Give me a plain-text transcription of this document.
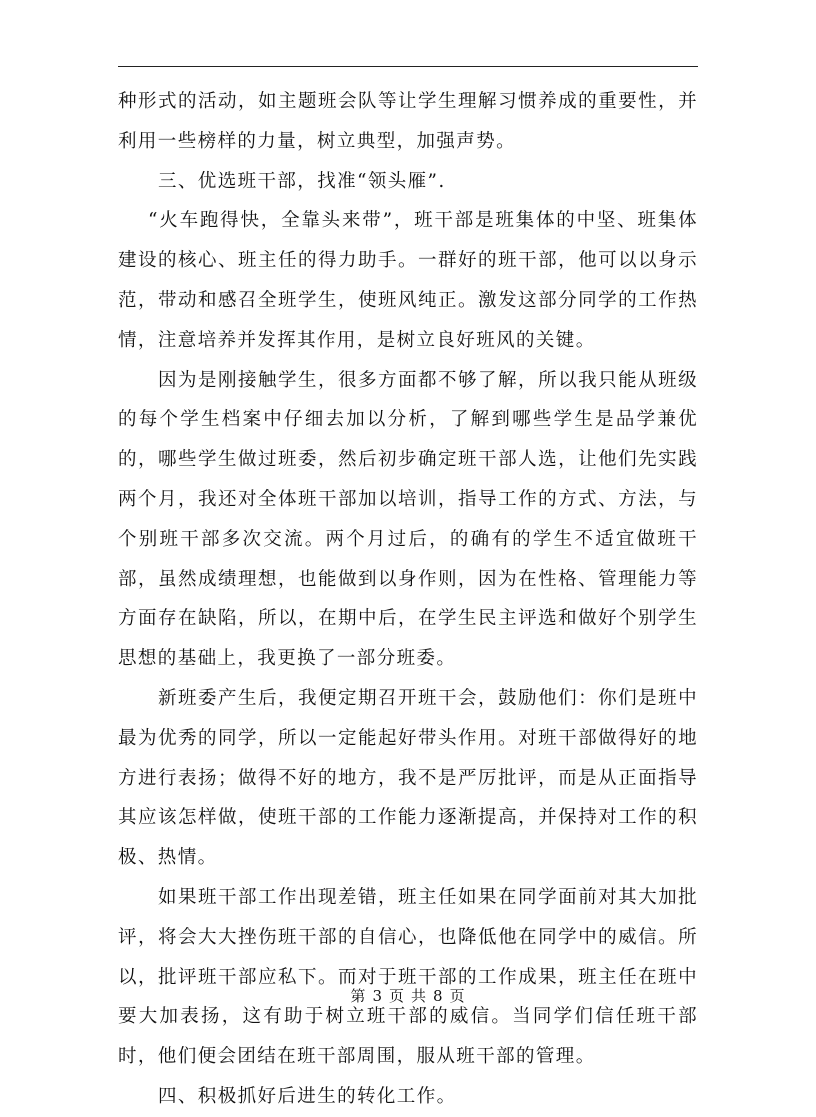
种形式的活动，如主题班会队等让学生理解习惯养成的重要性，并利用一些榜样的力量，树立典型，加强声势。

三、优选班干部，找准“领头雁”.

“火车跑得快，全靠头来带”，班干部是班集体的中坚、班集体建设的核心、班主任的得力助手。一群好的班干部，他可以以身示范，带动和感召全班学生，使班风纯正。激发这部分同学的工作热情，注意培养并发挥其作用，是树立良好班风的关键。

因为是刚接触学生，很多方面都不够了解，所以我只能从班级的每个学生档案中仔细去加以分析，了解到哪些学生是品学兼优的，哪些学生做过班委，然后初步确定班干部人选，让他们先实践两个月，我还对全体班干部加以培训，指导工作的方式、方法，与个别班干部多次交流。两个月过后，的确有的学生不适宜做班干部，虽然成绩理想，也能做到以身作则，因为在性格、管理能力等方面存在缺陷，所以，在期中后，在学生民主评选和做好个别学生思想的基础上，我更换了一部分班委。

新班委产生后，我便定期召开班干会，鼓励他们：你们是班中最为优秀的同学，所以一定能起好带头作用。对班干部做得好的地方进行表扬；做得不好的地方，我不是严厉批评，而是从正面指导其应该怎样做，使班干部的工作能力逐渐提高，并保持对工作的积极、热情。

如果班干部工作出现差错，班主任如果在同学面前对其大加批评，将会大大挫伤班干部的自信心，也降低他在同学中的威信。所以，批评班干部应私下。而对于班干部的工作成果，班主任在班中要大加表扬，这有助于树立班干部的威信。当同学们信任班干部时，他们便会团结在班干部周围，服从班干部的管理。

四、积极抓好后进生的转化工作。

第 3 页 共 8 页
